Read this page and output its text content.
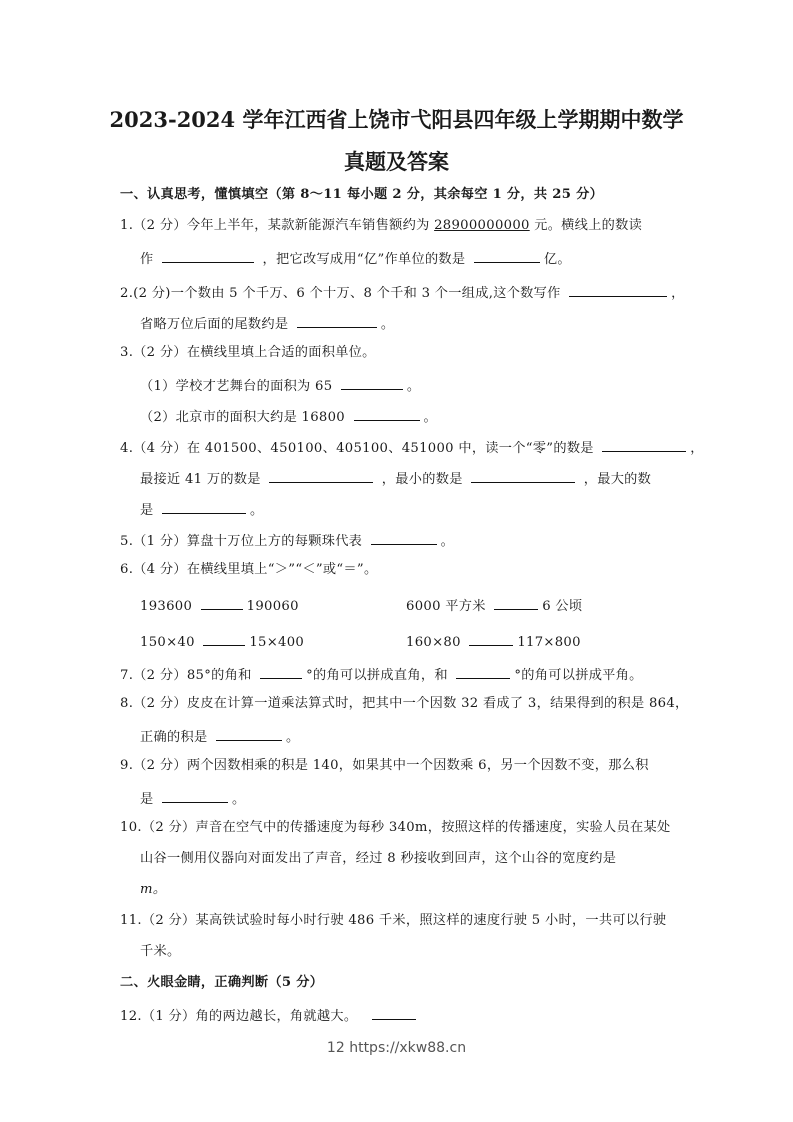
2023-2024 学年江西省上饶市弋阳县四年级上学期期中数学
真题及答案
一、认真思考，懂慎填空（第 8～11 每小题 2 分，其余每空 1 分，共 25 分）
1.（2 分）今年上半年，某款新能源汽车销售额约为 28900000000 元。横线上的数读
作	，把它改写成用“亿”作单位的数是	亿。
2.(2 分)一个数由 5 个千万、6 个十万、8 个千和 3 个一组成,这个数写作	，
省略万位后面的尾数约是	。
3.（2 分）在横线里填上合适的面积单位。
（1）学校才艺舞台的面积为 65	。
（2）北京市的面积大约是 16800	。
4.（4 分）在 401500、450100、405100、451000 中，读一个“零”的数是	，
最接近 41 万的数是	，最小的数是	，最大的数
是	。
5.（1 分）算盘十万位上方的每颗珠代表	。
6.（4 分）在横线里填上“＞”“＜”或“＝”。
193600	190060	6000 平方米	6 公顷
150×40	15×400	160×80	117×800
7.（2 分）85°的角和	°的角可以拼成直角，和	°的角可以拼成平角。
8.（2 分）皮皮在计算一道乘法算式时，把其中一个因数 32 看成了 3，结果得到的积是 864，
正确的积是	。
9.（2 分）两个因数相乘的积是 140，如果其中一个因数乘 6，另一个因数不变，那么积
是	。
10.（2 分）声音在空气中的传播速度为每秒 340m，按照这样的传播速度，实验人员在某处
山谷一侧用仪器向对面发出了声音，经过 8 秒接收到回声，这个山谷的宽度约是
m。
11.（2 分）某高铁试验时每小时行驶 486 千米，照这样的速度行驶 5 小时，一共可以行驶
千米。
二、火眼金睛，正确判断（5 分）
12.（1 分）角的两边越长，角就越大。
12 https://xkw88.cn
